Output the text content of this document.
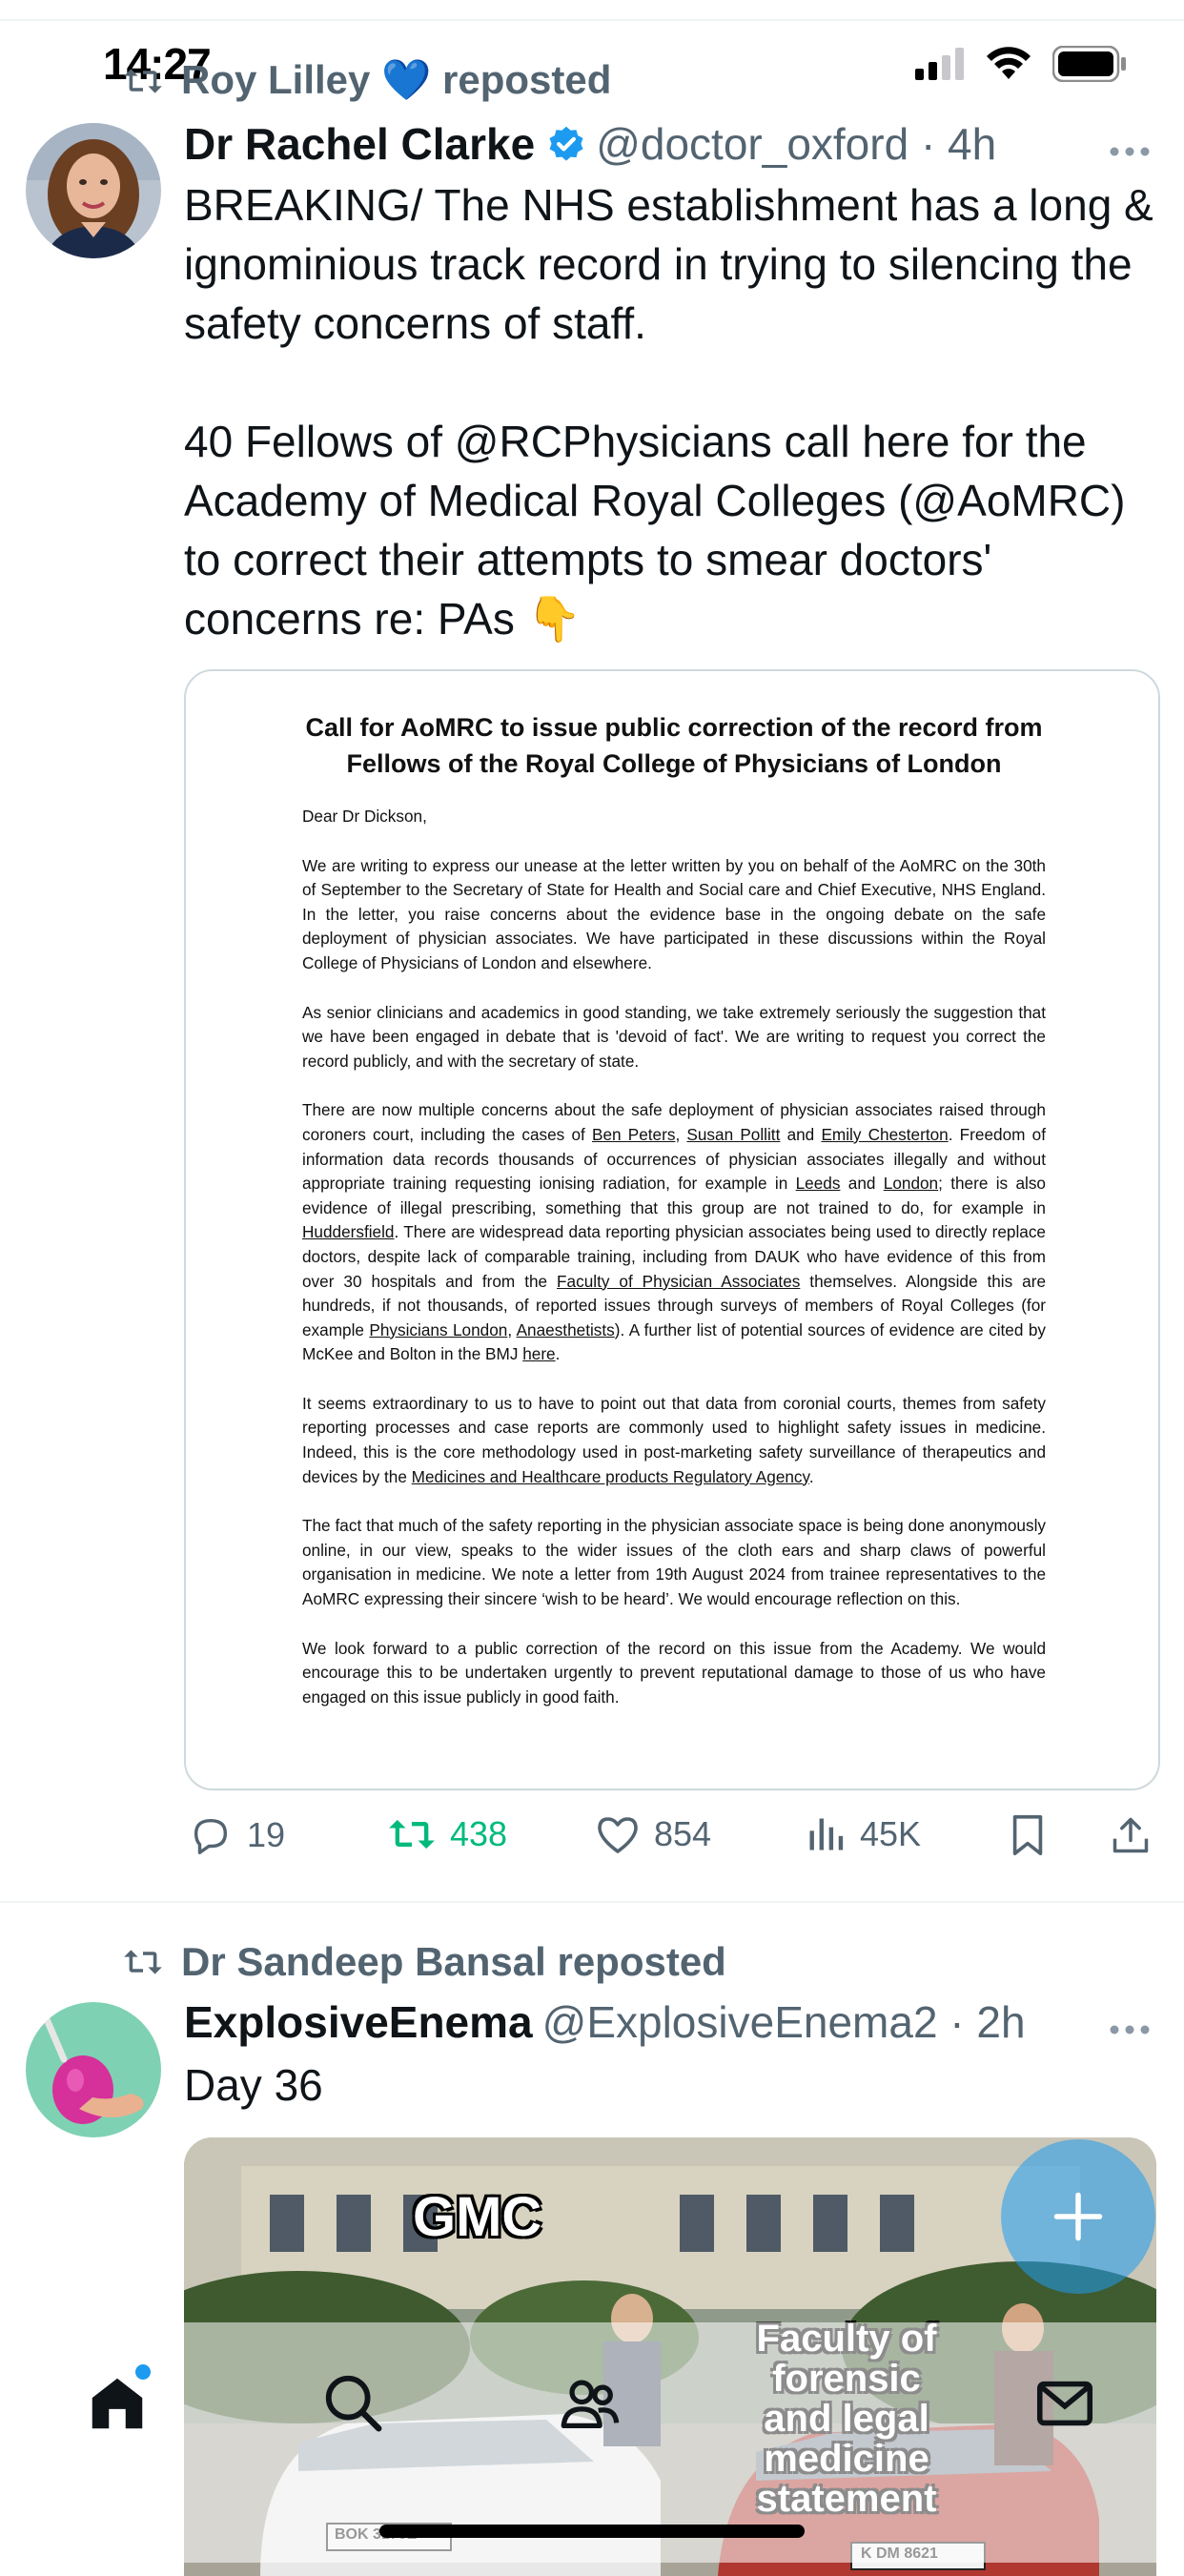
14:27
Roy Lilley 💙 reposted
Dr Rachel Clarke @doctor_oxford · 4h
BREAKING/ The NHS establishment has a long & ignominious track record in trying to silencing the safety concerns of staff.

40 Fellows of @RCPhysicians call here for the Academy of Medical Royal Colleges (@AoMRC) to correct their attempts to smear doctors' concerns re: PAs 👇
Call for AoMRC to issue public correction of the record from Fellows of the Royal College of Physicians of London

Dear Dr Dickson,

We are writing to express our unease at the letter written by you on behalf of the AoMRC on the 30th of September to the Secretary of State for Health and Social care and Chief Executive, NHS England. In the letter, you raise concerns about the evidence base in the ongoing debate on the safe deployment of physician associates. We have participated in these discussions within the Royal College of Physicians of London and elsewhere.

As senior clinicians and academics in good standing, we take extremely seriously the suggestion that we have been engaged in debate that is 'devoid of fact'. We are writing to request you correct the record publicly, and with the secretary of state.

There are now multiple concerns about the safe deployment of physician associates raised through coroners court, including the cases of Ben Peters, Susan Pollitt and Emily Chesterton. Freedom of information data records thousands of occurrences of physician associates illegally and without appropriate training requesting ionising radiation, for example in Leeds and London; there is also evidence of illegal prescribing, something that this group are not trained to do, for example in Huddersfield. There are widespread data reporting physician associates being used to directly replace doctors, despite lack of comparable training, including from DAUK who have evidence of this from over 30 hospitals and from the Faculty of Physician Associates themselves. Alongside this are hundreds, if not thousands, of reported issues through surveys of members of Royal Colleges (for example Physicians London, Anaesthetists). A further list of potential sources of evidence are cited by McKee and Bolton in the BMJ here.

It seems extraordinary to us to have to point out that data from coronial courts, themes from safety reporting processes and case reports are commonly used to highlight safety issues in medicine. Indeed, this is the core methodology used in post-marketing safety surveillance of therapeutics and devices by the Medicines and Healthcare products Regulatory Agency.

The fact that much of the safety reporting in the physician associate space is being done anonymously online, in our view, speaks to the wider issues of the cloth ears and sharp claws of powerful organisation in medicine. We note a letter from 19th August 2024 from trainee representatives to the AoMRC expressing their sincere ‘wish to be heard’. We would encourage reflection on this.

We look forward to a public correction of the record on this issue from the Academy. We would encourage this to be undertaken urgently to prevent reputational damage to those of us who have engaged on this issue publicly in good faith.

19	438	854	45K
Dr Sandeep Bansal reposted
ExplosiveEnema @ExplosiveEnema2 · 2h
Day 36
GMC
